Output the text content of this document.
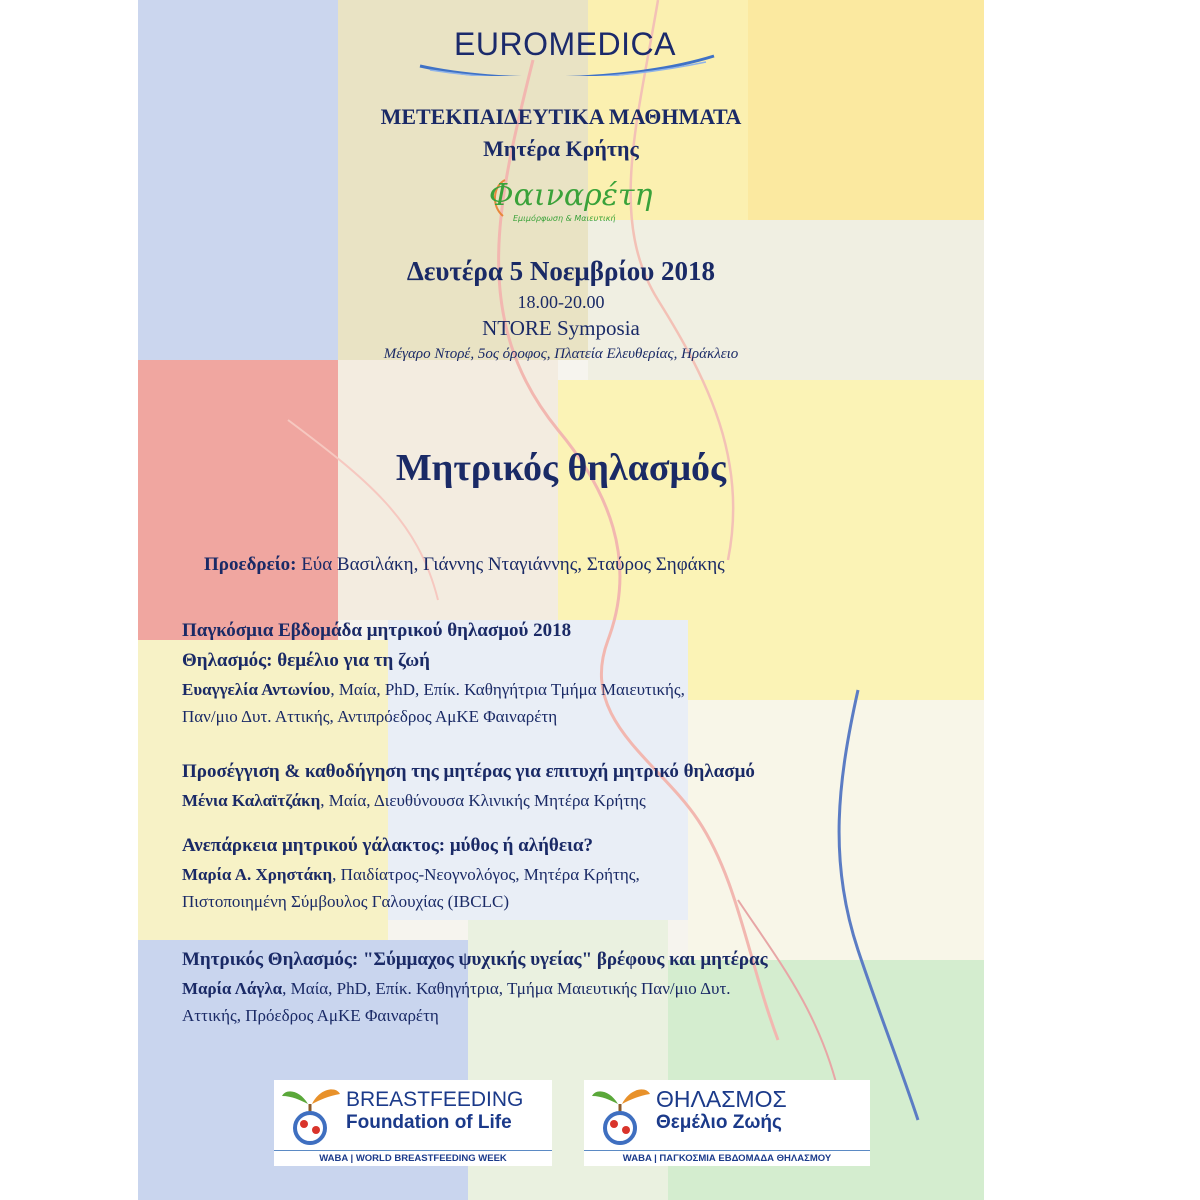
EUROMEDICA
ΜΕΤΕΚΠΑΙΔΕΥΤΙΚΑ ΜΑΘΗΜΑΤΑ
Μητέρα Κρήτης
Φαιναρέτη
Εμιμόρφωση & Μαιευτική
Δευτέρα 5 Νοεμβρίου 2018
18.00-20.00
NTORE Symposia
Μέγαρο Ντορέ, 5ος όροφος, Πλατεία Ελευθερίας, Ηράκλειο
Μητρικός θηλασμός
Προεδρείο: Εύα Βασιλάκη, Γιάννης Νταγιάννης, Σταύρος Σηφάκης

Παγκόσμια Εβδομάδα μητρικού θηλασμού 2018

Θηλασμός: θεμέλιο για τη ζωή

Ευαγγελία Αντωνίου, Μαία, PhD, Επίκ. Καθηγήτρια Τμήμα Μαιευτικής,

Παν/μιο Δυτ. Αττικής, Αντιπρόεδρος ΑμΚΕ Φαιναρέτη

Προσέγγιση & καθοδήγηση της μητέρας για επιτυχή μητρικό θηλασμό

Μένια Καλαϊτζάκη, Μαία, Διευθύνουσα Κλινικής Μητέρα Κρήτης

Ανεπάρκεια μητρικού γάλακτος: μύθος ή αλήθεια?

Μαρία Α. Χρηστάκη, Παιδίατρος-Νεογνολόγος, Μητέρα Κρήτης,

Πιστοποιημένη Σύμβουλος Γαλουχίας (IBCLC)

Μητρικός Θηλασμός: "Σύμμαχος ψυχικής υγείας" βρέφους και μητέρας

Μαρία Λάγλα, Μαία, PhD, Επίκ. Καθηγήτρια, Τμήμα Μαιευτικής Παν/μιο Δυτ.

Αττικής, Πρόεδρος ΑμΚΕ Φαιναρέτη

BREASTFEEDING
Foundation of Life
WABA | WORLD BREASTFEEDING WEEK
ΘΗΛΑΣΜΟΣ
Θεμέλιο Ζωής
WABA | ΠΑΓΚΟΣΜΙΑ ΕΒΔΟΜΑΔΑ ΘΗΛΑΣΜΟΥ
